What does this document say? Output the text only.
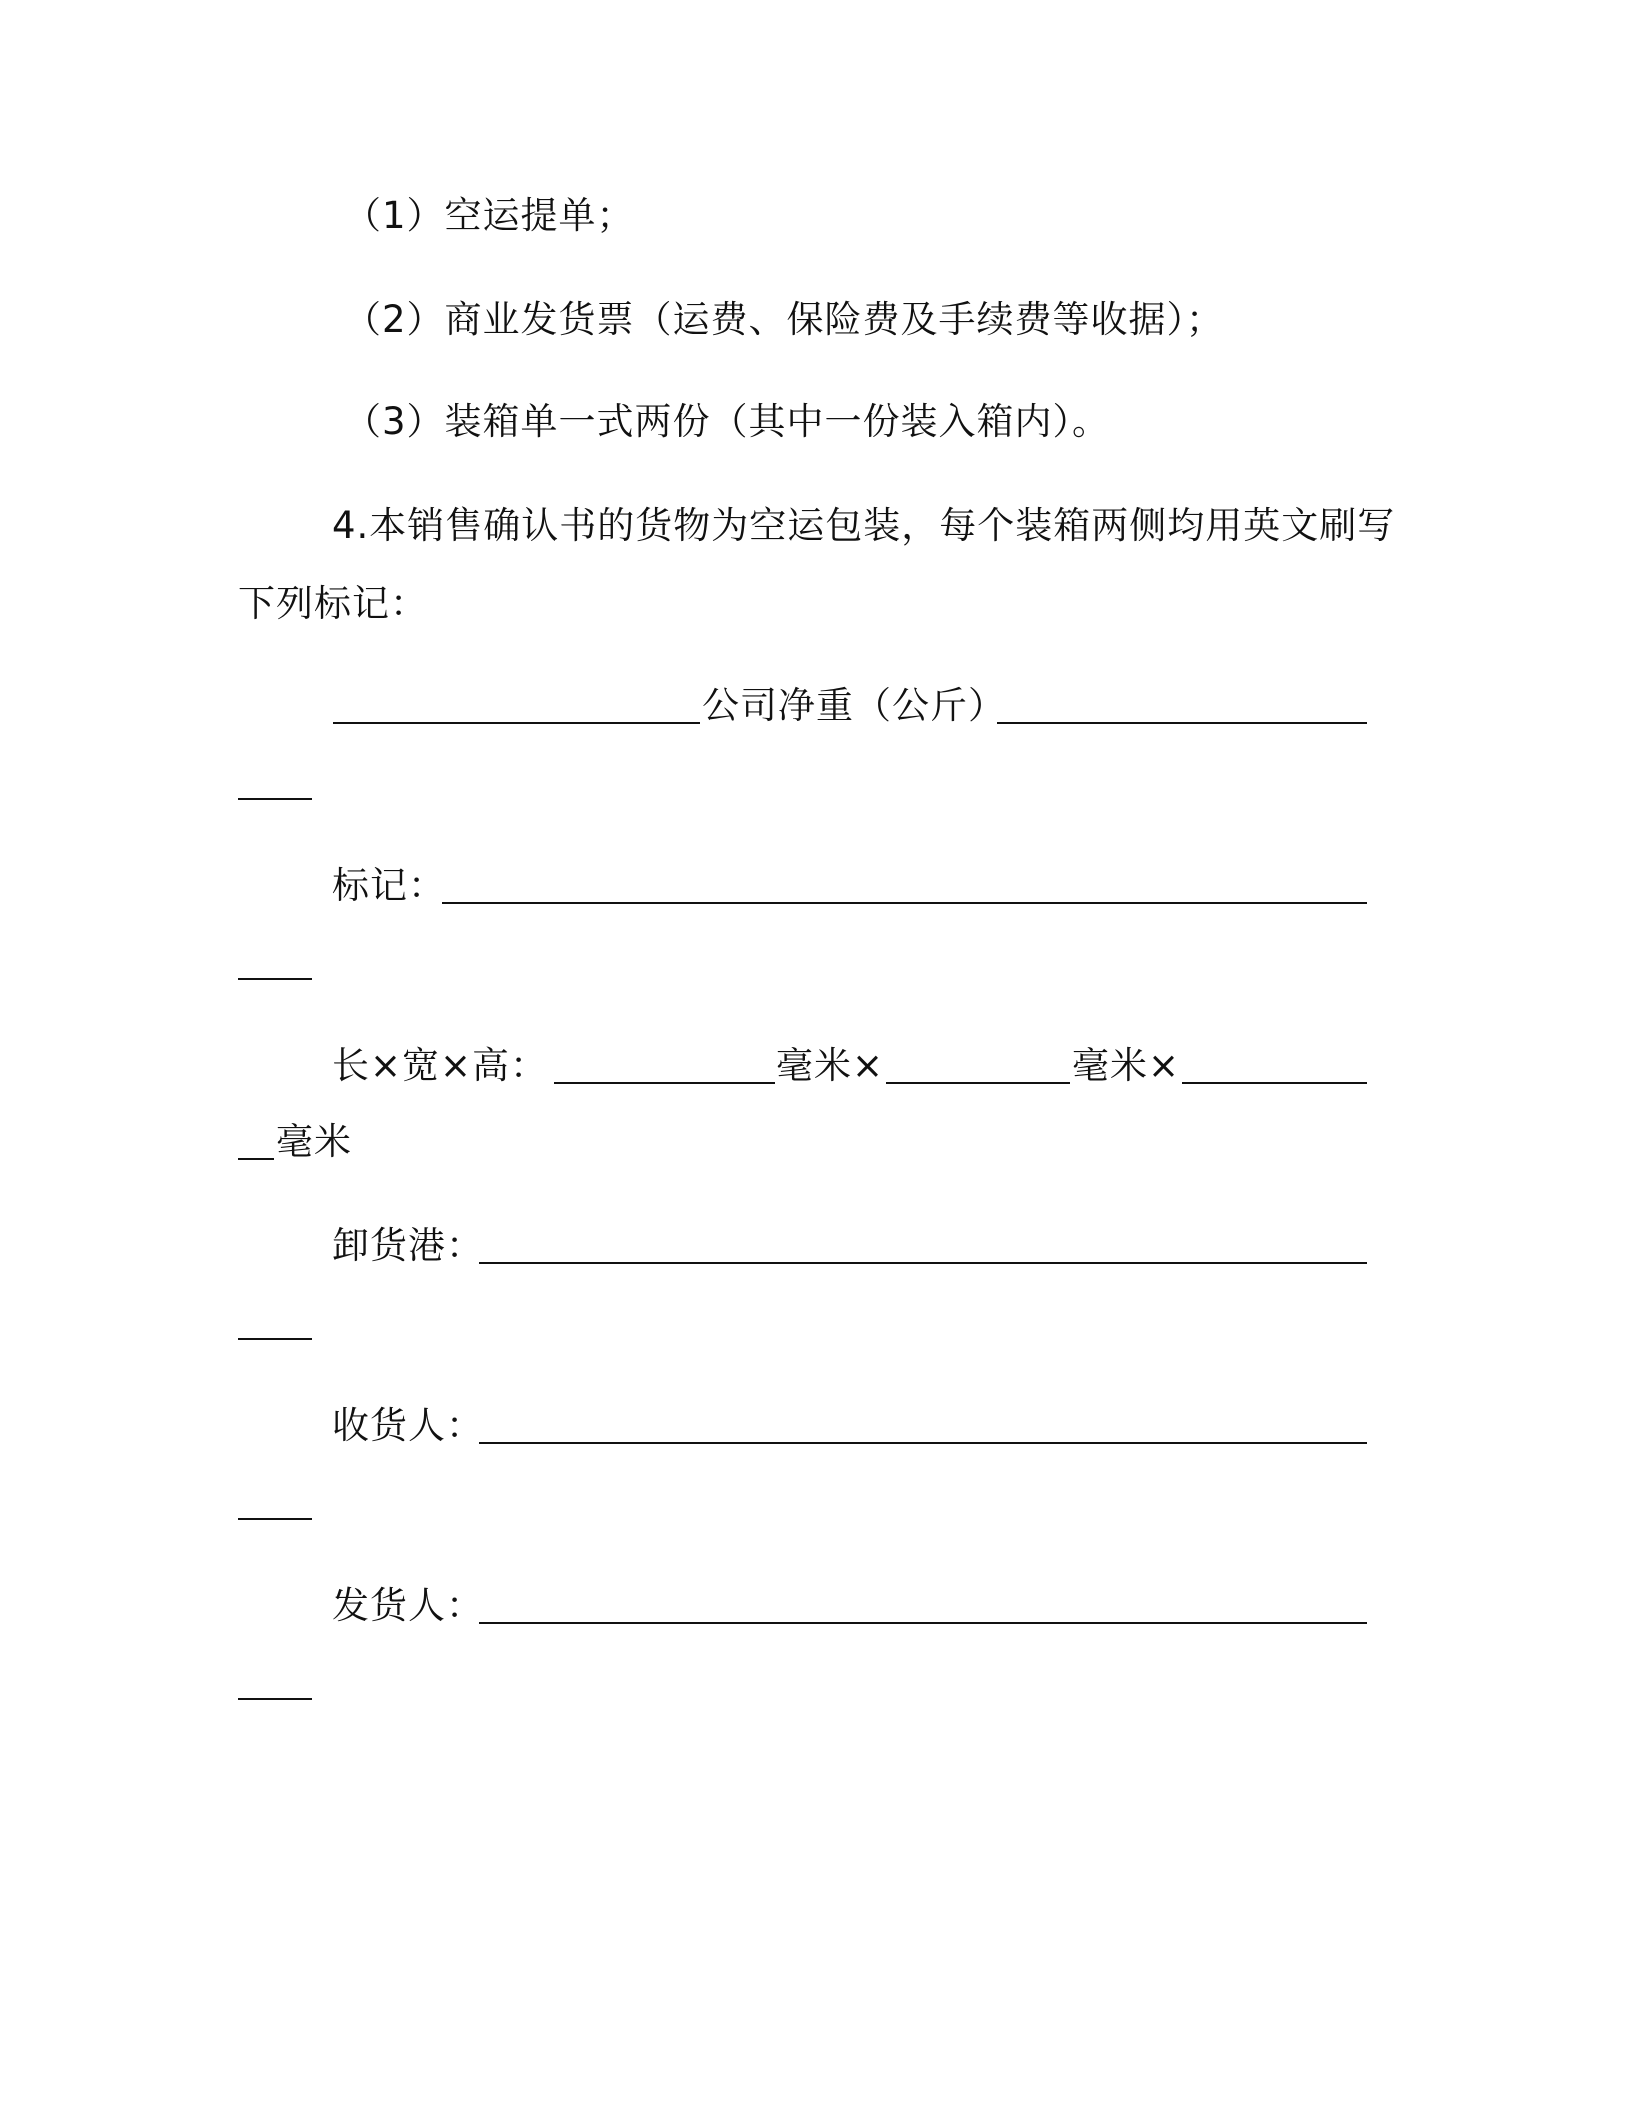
（1）空运提单；
（2）商业发货票（运费、保险费及手续费等收据）；
（3）装箱单一式两份（其中一份装入箱内）。
4.本销售确认书的货物为空运包装，每个装箱两侧均用英文刷写
下列标记：
公司净重（公斤）
标记：
长×宽×高：	毫米×	毫米×
毫米
卸货港：
收货人：
发货人：
